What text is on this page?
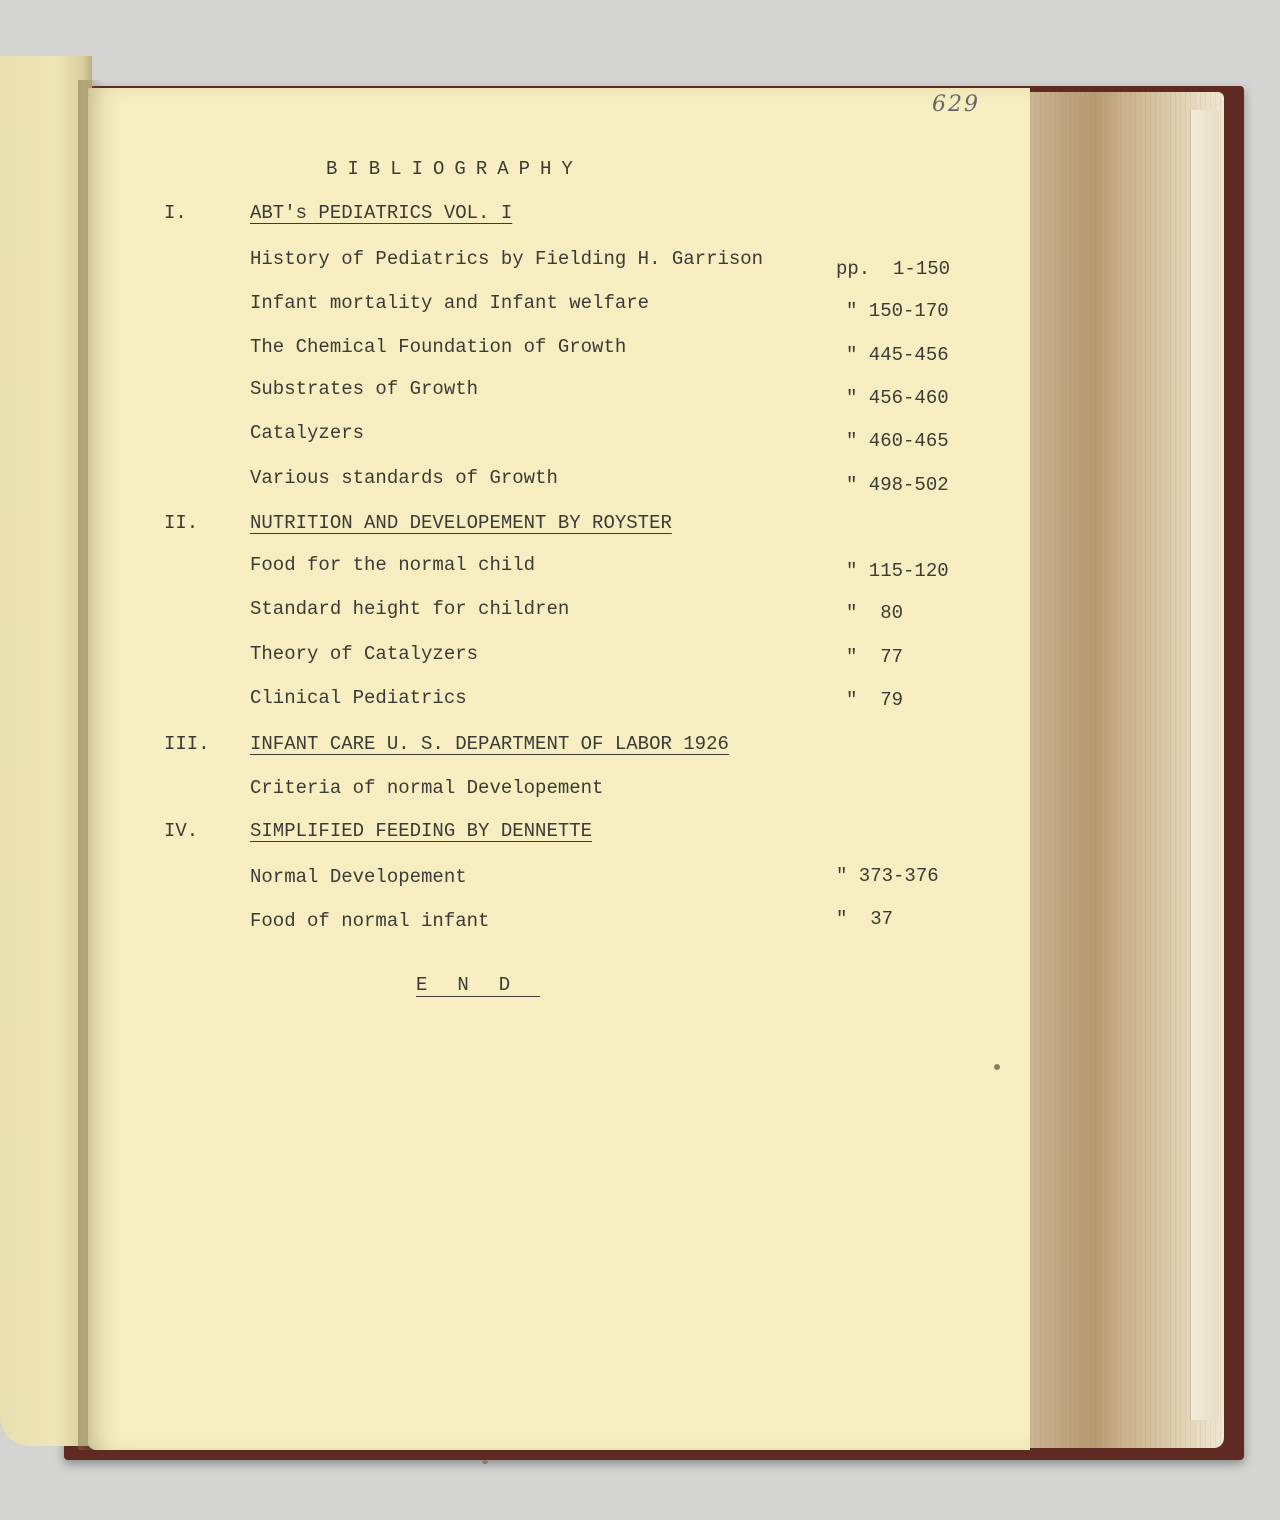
629

BIBLIOGRAPHY

I.	ABT's PEDIATRICS VOL. I

History of Pediatrics by Fielding H. Garrison	pp.  1-150

Infant mortality and Infant welfare	" 150-170

The Chemical Foundation of Growth	" 445-456

Substrates of Growth	" 456-460

Catalyzers	" 460-465

Various standards of Growth	" 498-502

II.	NUTRITION AND DEVELOPEMENT BY ROYSTER

Food for the normal child	" 115-120

Standard height for children	"  80

Theory of Catalyzers	"  77

Clinical Pediatrics	"  79

III. INFANT CARE U. S. DEPARTMENT OF LABOR 1926

Criteria of normal Developement

IV.	SIMPLIFIED FEEDING BY DENNETTE

Normal Developement	" 373-376

Food of normal infant	"  37

END
